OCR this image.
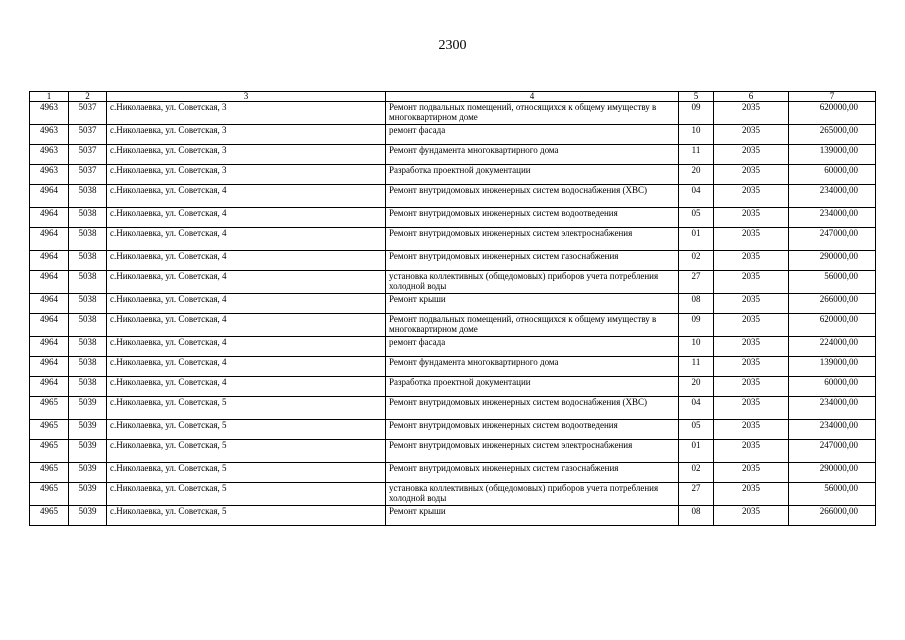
2300
1	2	3	4	5	6	7
4963	5037	с.Николаевка, ул. Советская, 3	Ремонт подвальных помещений, относящихся к общему имуществу в многоквартирном доме	09	2035	620000,00
4963	5037	с.Николаевка, ул. Советская, 3	ремонт фасада	10	2035	265000,00
4963	5037	с.Николаевка, ул. Советская, 3	Ремонт фундамента многоквартирного дома	11	2035	139000,00
4963	5037	с.Николаевка, ул. Советская, 3	Разработка проектной документации	20	2035	60000,00
4964	5038	с.Николаевка, ул. Советская, 4	Ремонт внутридомовых инженерных систем водоснабжения (ХВС)	04	2035	234000,00
4964	5038	с.Николаевка, ул. Советская, 4	Ремонт внутридомовых инженерных систем водоотведения	05	2035	234000,00
4964	5038	с.Николаевка, ул. Советская, 4	Ремонт внутридомовых инженерных систем электроснабжения	01	2035	247000,00
4964	5038	с.Николаевка, ул. Советская, 4	Ремонт внутридомовых инженерных систем газоснабжения	02	2035	290000,00
4964	5038	с.Николаевка, ул. Советская, 4	установка коллективных (общедомовых) приборов учета потребления холодной воды	27	2035	56000,00
4964	5038	с.Николаевка, ул. Советская, 4	Ремонт крыши	08	2035	266000,00
4964	5038	с.Николаевка, ул. Советская, 4	Ремонт подвальных помещений, относящихся к общему имуществу в многоквартирном доме	09	2035	620000,00
4964	5038	с.Николаевка, ул. Советская, 4	ремонт фасада	10	2035	224000,00
4964	5038	с.Николаевка, ул. Советская, 4	Ремонт фундамента многоквартирного дома	11	2035	139000,00
4964	5038	с.Николаевка, ул. Советская, 4	Разработка проектной документации	20	2035	60000,00
4965	5039	с.Николаевка, ул. Советская, 5	Ремонт внутридомовых инженерных систем водоснабжения (ХВС)	04	2035	234000,00
4965	5039	с.Николаевка, ул. Советская, 5	Ремонт внутридомовых инженерных систем водоотведения	05	2035	234000,00
4965	5039	с.Николаевка, ул. Советская, 5	Ремонт внутридомовых инженерных систем электроснабжения	01	2035	247000,00
4965	5039	с.Николаевка, ул. Советская, 5	Ремонт внутридомовых инженерных систем газоснабжения	02	2035	290000,00
4965	5039	с.Николаевка, ул. Советская, 5	установка коллективных (общедомовых) приборов учета потребления холодной воды	27	2035	56000,00
4965	5039	с.Николаевка, ул. Советская, 5	Ремонт крыши	08	2035	266000,00
